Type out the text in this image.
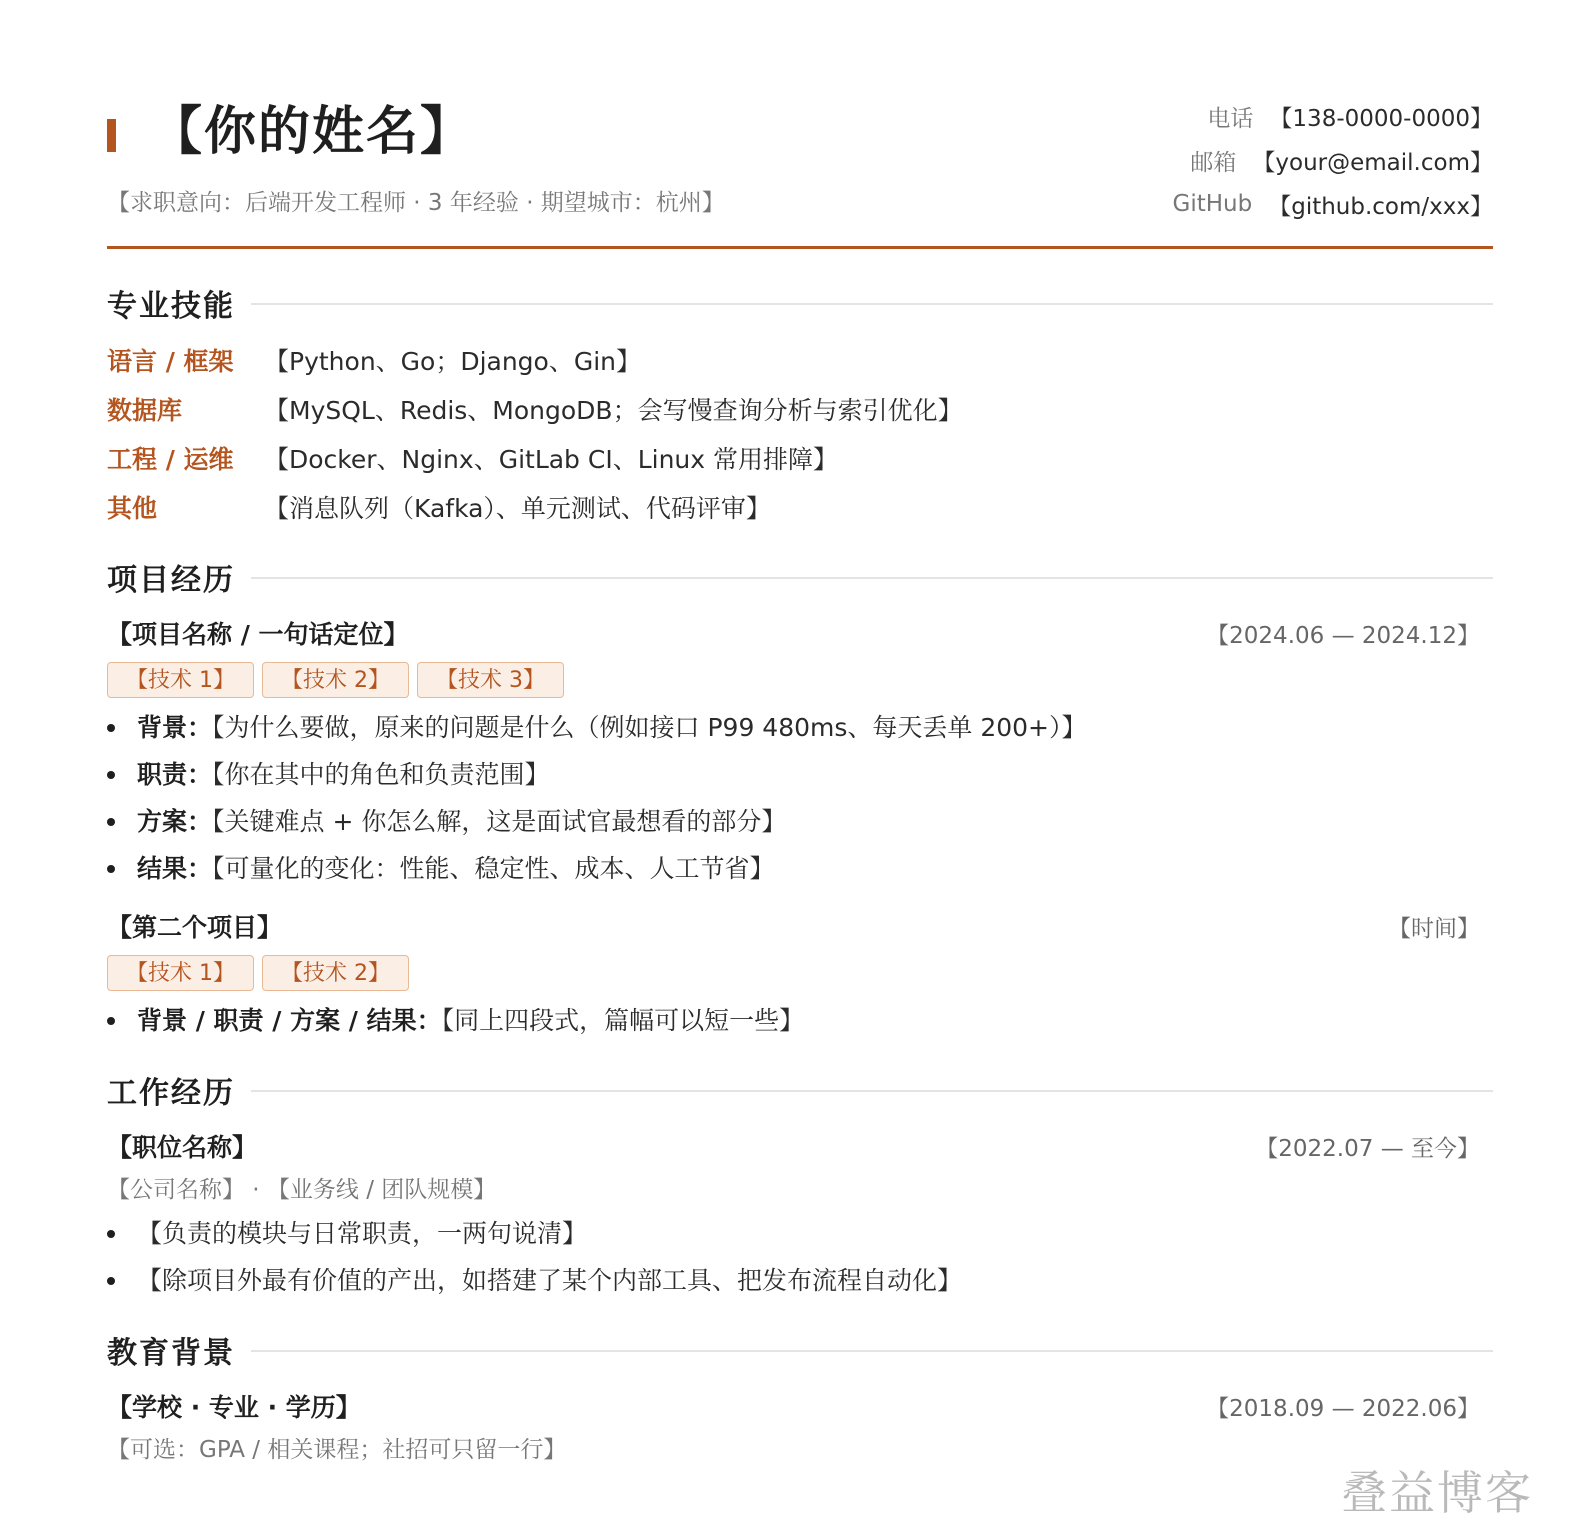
【你的姓名】
【求职意向：后端开发工程师 · 3 年经验 · 期望城市：杭州】
电话 【138-0000-0000】
邮箱 【your@email.com】
GitHub 【github.com/xxx】
专业技能
语言 / 框架	【Python、Go；Django、Gin】
数据库	【MySQL、Redis、MongoDB；会写慢查询分析与索引优化】
工程 / 运维	【Docker、Nginx、GitLab CI、Linux 常用排障】
其他	【消息队列（Kafka）、单元测试、代码评审】
项目经历
【项目名称 / 一句话定位】	【2024.06 — 2024.12】
【技术 1】	【技术 2】	【技术 3】
背景：【为什么要做，原来的问题是什么（例如接口 P99 480ms、每天丢单 200+）】
职责：【你在其中的角色和负责范围】
方案：【关键难点 + 你怎么解，这是面试官最想看的部分】
结果：【可量化的变化：性能、稳定性、成本、人工节省】
【第二个项目】	【时间】
【技术 1】	【技术 2】
背景 / 职责 / 方案 / 结果：【同上四段式，篇幅可以短一些】
工作经历
【职位名称】	【2022.07 — 至今】
【公司名称】 · 【业务线 / 团队规模】
【负责的模块与日常职责，一两句说清】
【除项目外最有价值的产出，如搭建了某个内部工具、把发布流程自动化】
教育背景
【学校 · 专业 · 学历】	【2018.09 — 2022.06】
【可选：GPA / 相关课程；社招可只留一行】
叠益博客
